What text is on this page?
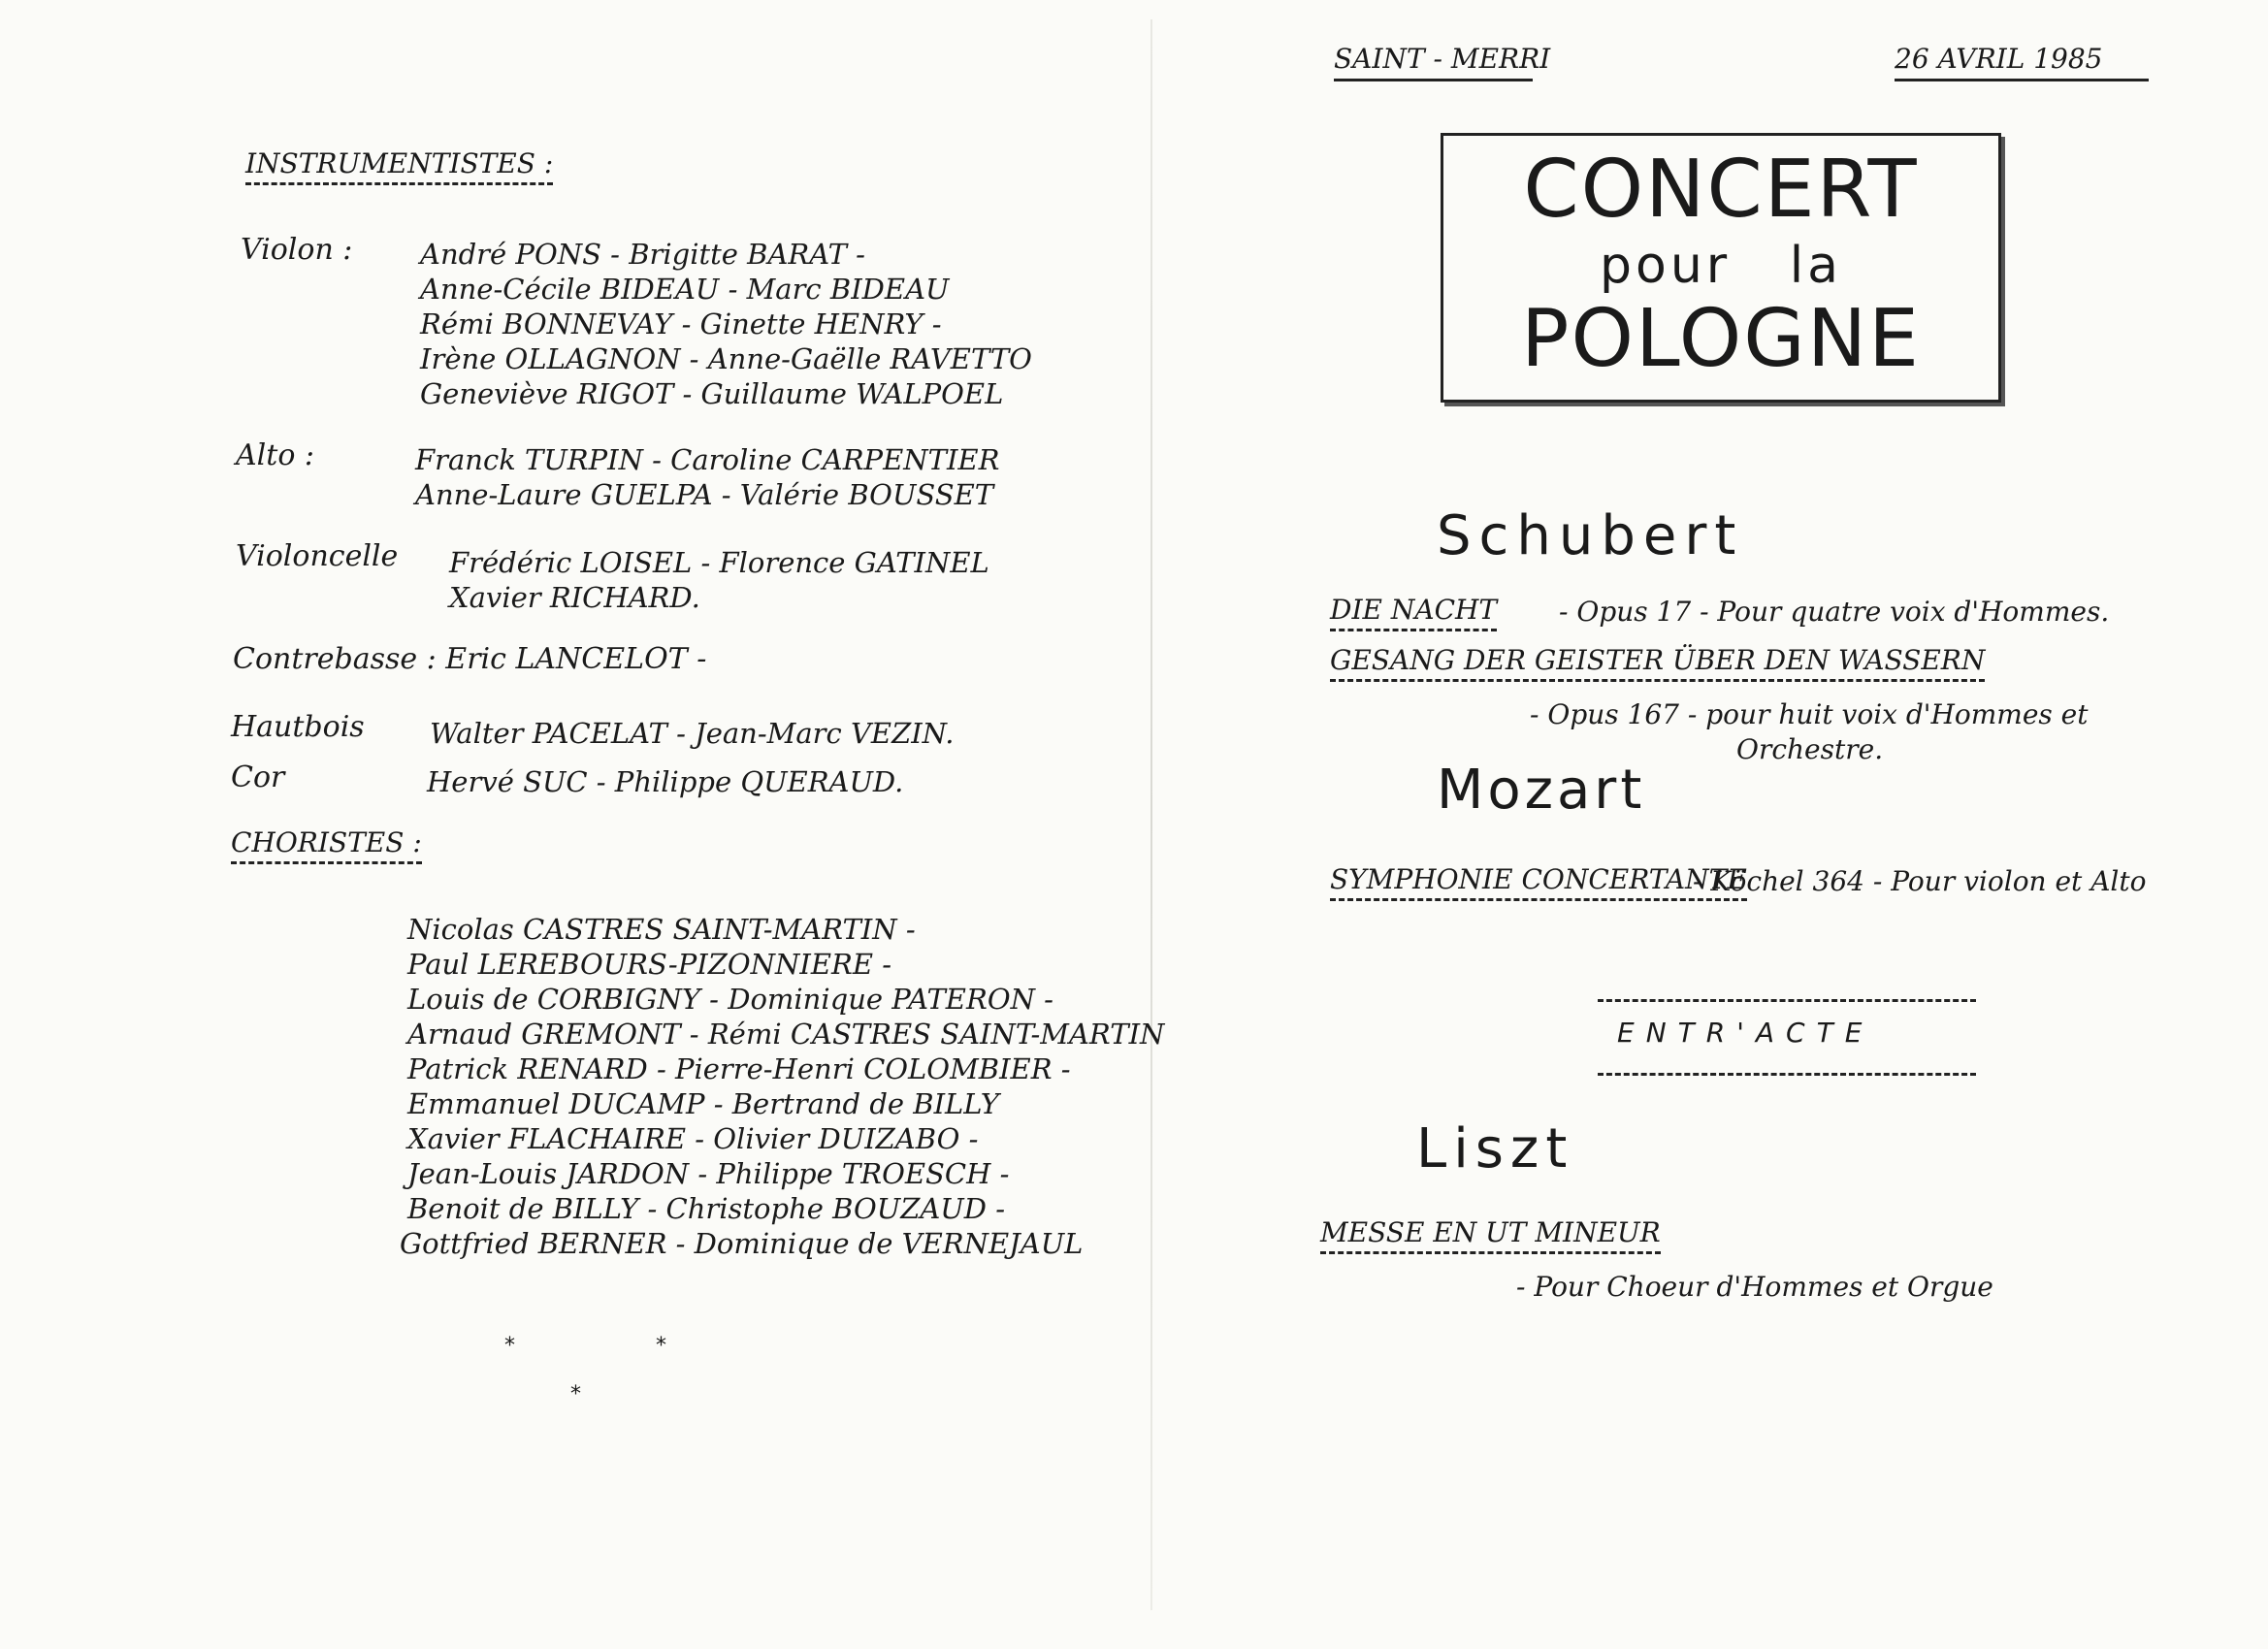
INSTRUMENTISTES :
Violon : André PONS - Brigitte BARAT -
Anne-Cécile BIDEAU - Marc BIDEAU
Rémi BONNEVAY - Ginette HENRY -
Irène OLLAGNON - Anne-Gaëlle RAVETTO
Geneviève RIGOT - Guillaume WALPOEL
Alto :	Franck TURPIN - Caroline CARPENTIER
Anne-Laure GUELPA - Valérie BOUSSET
Violoncelle Frédéric LOISEL - Florence GATINEL
Xavier RICHARD.
Contrebasse : Eric LANCELOT -
Hautbois Walter PACELAT - Jean-Marc VEZIN.
Cor	Hervé SUC - Philippe QUERAUD.
CHORISTES :
Nicolas CASTRES SAINT-MARTIN -
Paul LEREBOURS-PIZONNIERE -
Louis de CORBIGNY - Dominique PATERON -
Arnaud GREMONT - Rémi CASTRES SAINT-MARTIN
Patrick RENARD - Pierre-Henri COLOMBIER -
Emmanuel DUCAMP - Bertrand de BILLY
Xavier FLACHAIRE - Olivier DUIZABO -
Jean-Louis JARDON - Philippe TROESCH -
Benoit de BILLY - Christophe BOUZAUD -
Gottfried BERNER - Dominique de VERNEJAUL
*	*
*
SAINT - MERRI	26 AVRIL 1985
CONCERT
pour la
POLOGNE
Schubert
DIE NACHT - Opus 17 - Pour quatre voix d'Hommes.
GESANG DER GEISTER ÜBER DEN WASSERN
- Opus 167 - pour huit voix d'Hommes et
Orchestre.
Mozart
SYMPHONIE CONCERTANTE
- Köchel 364 - Pour violon et Alto
ENTR'ACTE
Liszt
MESSE EN UT MINEUR
- Pour Choeur d'Hommes et Orgue
